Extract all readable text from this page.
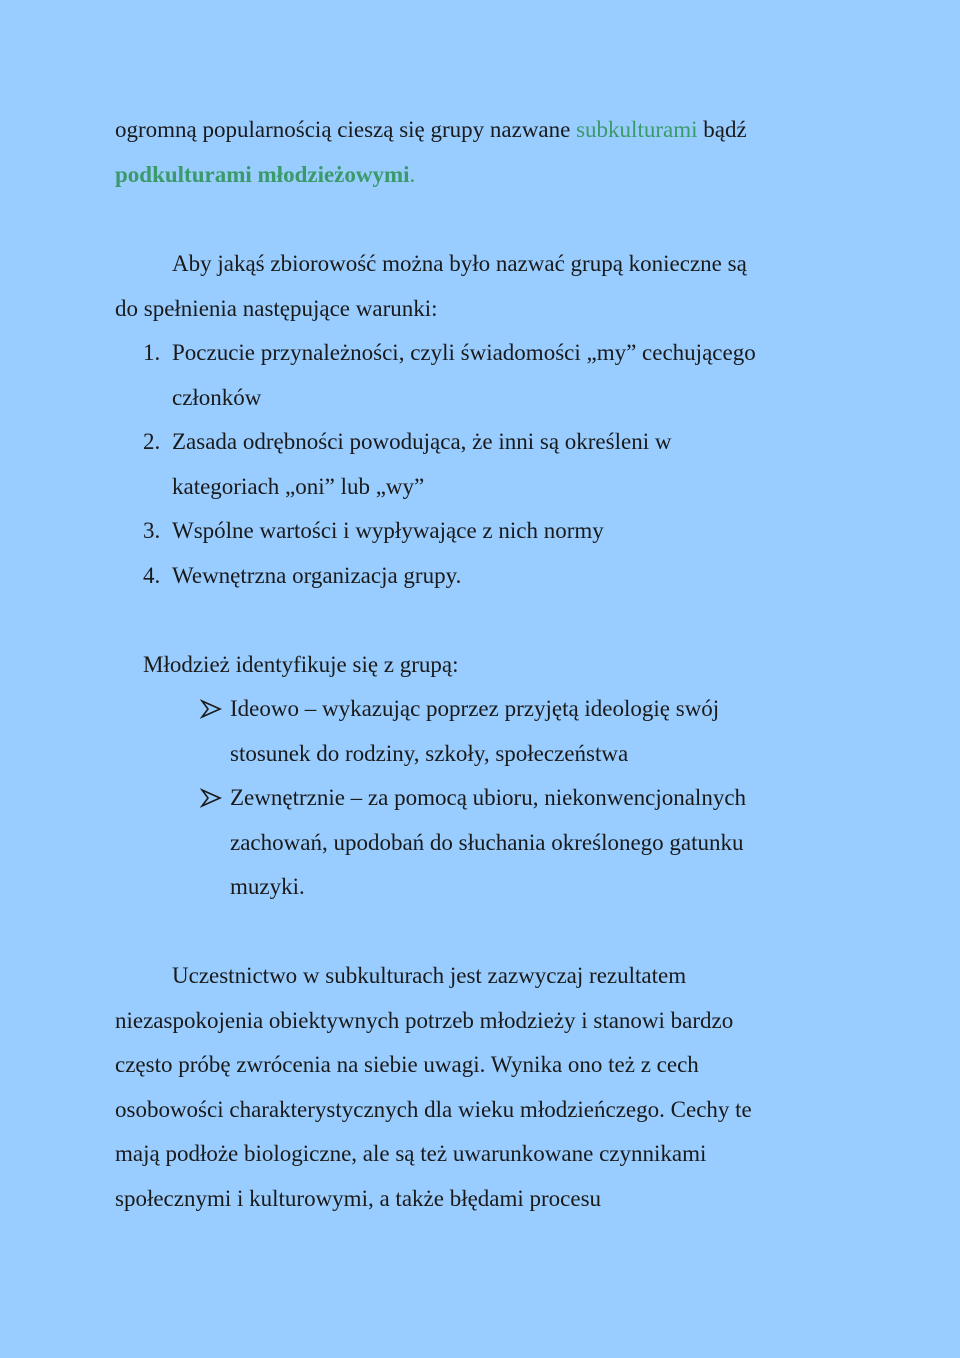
ogromną popularnością cieszą się grupy nazwane subkulturami bądź
podkulturami młodzieżowymi.
Aby jakąś zbiorowość można było nazwać grupą konieczne są
do spełnienia następujące warunki:
1. Poczucie przynależności, czyli świadomości „my” cechującego
członków
2. Zasada odrębności powodująca, że inni są określeni w
kategoriach „oni” lub „wy”
3. Wspólne wartości i wypływające z nich normy
4. Wewnętrzna organizacja grupy.
Młodzież identyfikuje się z grupą:
Ideowo – wykazując poprzez przyjętą ideologię swój
stosunek do rodziny, szkoły, społeczeństwa
Zewnętrznie – za pomocą ubioru, niekonwencjonalnych
zachowań, upodobań do słuchania określonego gatunku
muzyki.
Uczestnictwo w subkulturach jest zazwyczaj rezultatem
niezaspokojenia obiektywnych potrzeb młodzieży i stanowi bardzo
często próbę zwrócenia na siebie uwagi. Wynika ono też z cech
osobowości charakterystycznych dla wieku młodzieńczego. Cechy te
mają podłoże biologiczne, ale są też uwarunkowane czynnikami
społecznymi i kulturowymi, a także błędami procesu
